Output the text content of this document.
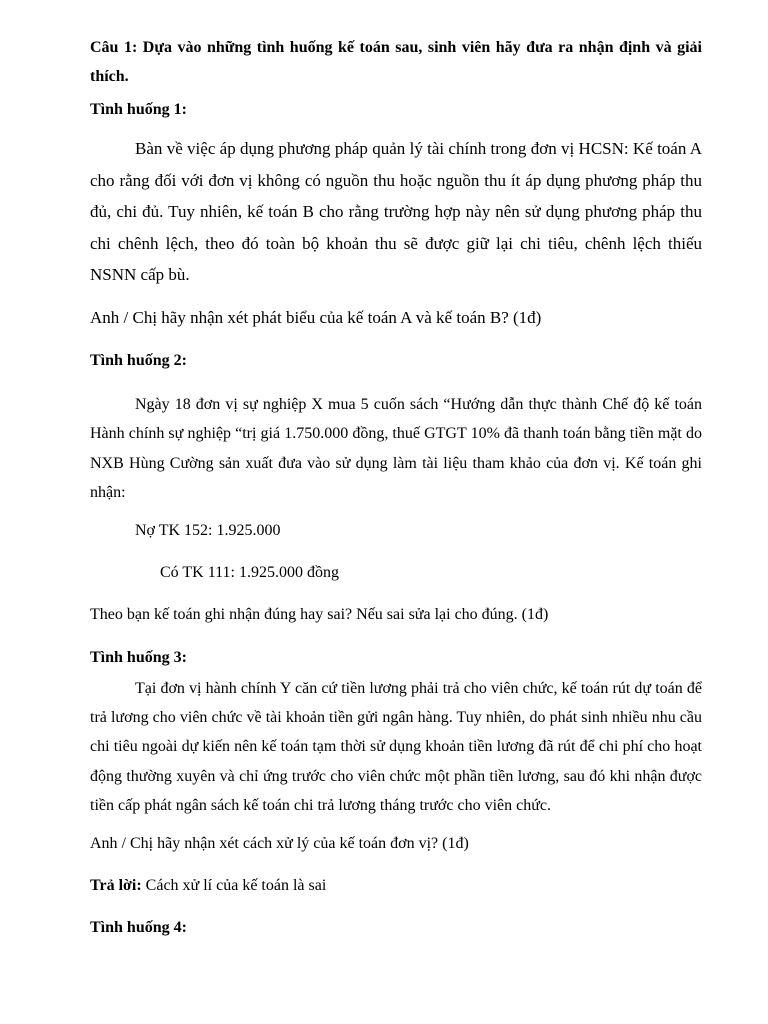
Câu 1: Dựa vào những tình huống kế toán sau, sinh viên hãy đưa ra nhận định và giải thích.

Tình huống 1:

Bàn về việc áp dụng phương pháp quản lý tài chính trong đơn vị HCSN: Kế toán A cho rằng đối với đơn vị không có nguồn thu hoặc nguồn thu ít áp dụng phương pháp thu đủ, chi đủ. Tuy nhiên, kế toán B cho rằng trường hợp này nên sử dụng phương pháp thu chi chênh lệch, theo đó toàn bộ khoản thu sẽ được giữ lại chi tiêu, chênh lệch thiếu NSNN cấp bù.

Anh / Chị hãy nhận xét phát biểu của kế toán A và kế toán B? (1đ)

Tình huống 2:

Ngày 18 đơn vị sự nghiệp X mua 5 cuốn sách “Hướng dẫn thực thành Chế độ kế toán Hành chính sự nghiệp “trị giá 1.750.000 đồng, thuế GTGT 10% đã thanh toán bằng tiền mặt do NXB Hùng Cường sản xuất đưa vào sử dụng làm tài liệu tham khảo của đơn vị. Kế toán ghi nhận:

Nợ TK 152: 1.925.000

Có TK 111: 1.925.000 đồng

Theo bạn kế toán ghi nhận đúng hay sai? Nếu sai sửa lại cho đúng. (1đ)

Tình huống 3:

Tại đơn vị hành chính Y căn cứ tiền lương phải trả cho viên chức, kế toán rút dự toán để trả lương cho viên chức về tài khoản tiền gửi ngân hàng. Tuy nhiên, do phát sinh nhiều nhu cầu chi tiêu ngoài dự kiến nên kế toán tạm thời sử dụng khoản tiền lương đã rút để chi phí cho hoạt động thường xuyên và chỉ ứng trước cho viên chức một phần tiền lương, sau đó khi nhận được tiền cấp phát ngân sách kế toán chi trả lương tháng trước cho viên chức.

Anh / Chị hãy nhận xét cách xử lý của kế toán đơn vị? (1đ)

Trả lời: Cách xử lí của kế toán là sai

Tình huống 4:
